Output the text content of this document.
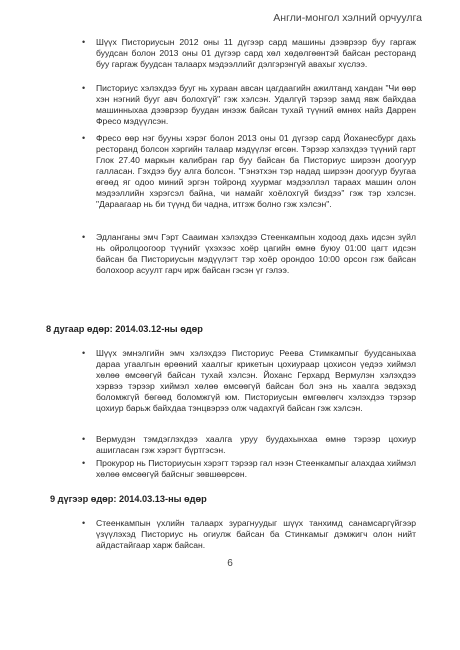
Англи-монгол хэлний орчуулга
• Шүүх Писториусын 2012 оны 11 дүгээр сард машины дээврээр буу гаргаж буудсан болон 2013 оны 01 дүгээр сард хөл хөдөлгөөнтэй байсан ресторанд буу гаргаж буудсан талаарх мэдээллийг дэлгэрэнгүй авахыг хүслээ.
• Писториус хэлэхдээ бууг нь хураан авсан цагдаагийн ажилтанд хандан "Чи өөр хэн нэгний бууг авч болохгүй" гэж хэлсэн. Удалгүй тэрээр замд явж байхдаа машинныхаа дээврээр буудан инээж байсан тухай түүний өмнөх найз Даррен Фресо мэдүүлсэн.
• Фресо өөр нэг бууны хэрэг болон 2013 оны 01 дүгээр сард Йоханесбург дахь ресторанд болсон хэргийн талаар мэдүүлэг өгсөн. Тэрээр хэлэхдээ түүний гарт Глок 27.40 маркын калибран гар буу байсан ба Писториус ширээн доогуур галласан. Гэхдээ буу алга болсон. "Гэнэтхэн тэр надад ширээн доогуур буугаа өгөөд яг одоо миний эргэн тойронд хуурмаг мэдээллэл тараах машин олон мэдээллийн хэрэгсэл байна, чи намайг хоёлохгүй биздээ" гэж тэр хэлсэн. "Дараагаар нь би түүнд би чадна, итгэж болно гэж хэлсэн".
• Эдланганы эмч Гэрт Сааиман хэлэхдээ Стеенкампын ходоод дахь идсэн зүйл нь ойролцоогоор түүнийг үхэхээс хоёр цагийн өмнө буюу 01:00 цагт идсэн байсан ба Писториусын мэдүүлэгт тэр хоёр орондоо 10:00 орсон гэж байсан болохоор асуулт гарч ирж байсан гэсэн үг гэлээ.
8 дугаар өдөр: 2014.03.12-ны өдөр
• Шүүх эмнэлгийн эмч хэлэхдээ Писториус Реева Стимкампыг буудсаныхаа дараа угаалгын өрөөний хаалгыг крикетын цохиураар цохисон үедээ хиймэл хөлөө өмсөөгүй байсан тухай хэлсэн. Йоханс Герхард Вермулэн хэлэхдээ хэрвээ тэрээр хиймэл хөлөө өмсөөгүй байсан бол энэ нь хаалга эвдэхэд боломжгүй бөгөөд боломжгүй юм. Писториусын өмгөөлөгч хэлэхдээ тэрээр цохиур барьж байхдаа тэнцвэрээ олж чадахгүй байсан гэж хэлсэн.
• Вермудэн тэмдэглэхдээ хаалга уруу буудахынхаа өмнө тэрээр цохиур ашигласан гэж хэрэгт бүртгэсэн.
• Прокурор нь Писториусын хэрэгт тэрээр гал нээн Стеенкампыг алахдаа хиймэл хөлөө өмсөөгүй байсныг зөвшөөрсөн.
9 дүгээр өдөр: 2014.03.13-ны өдөр
• Стеенкампын үхлийн талаарх зурагнуудыг шүүх танхимд санамсаргүйгээр үзүүлэхэд Писториус нь огиулж байсан ба Стинкамыг дэмжигч олон нийт айдастайгаар харж байсан.
6
